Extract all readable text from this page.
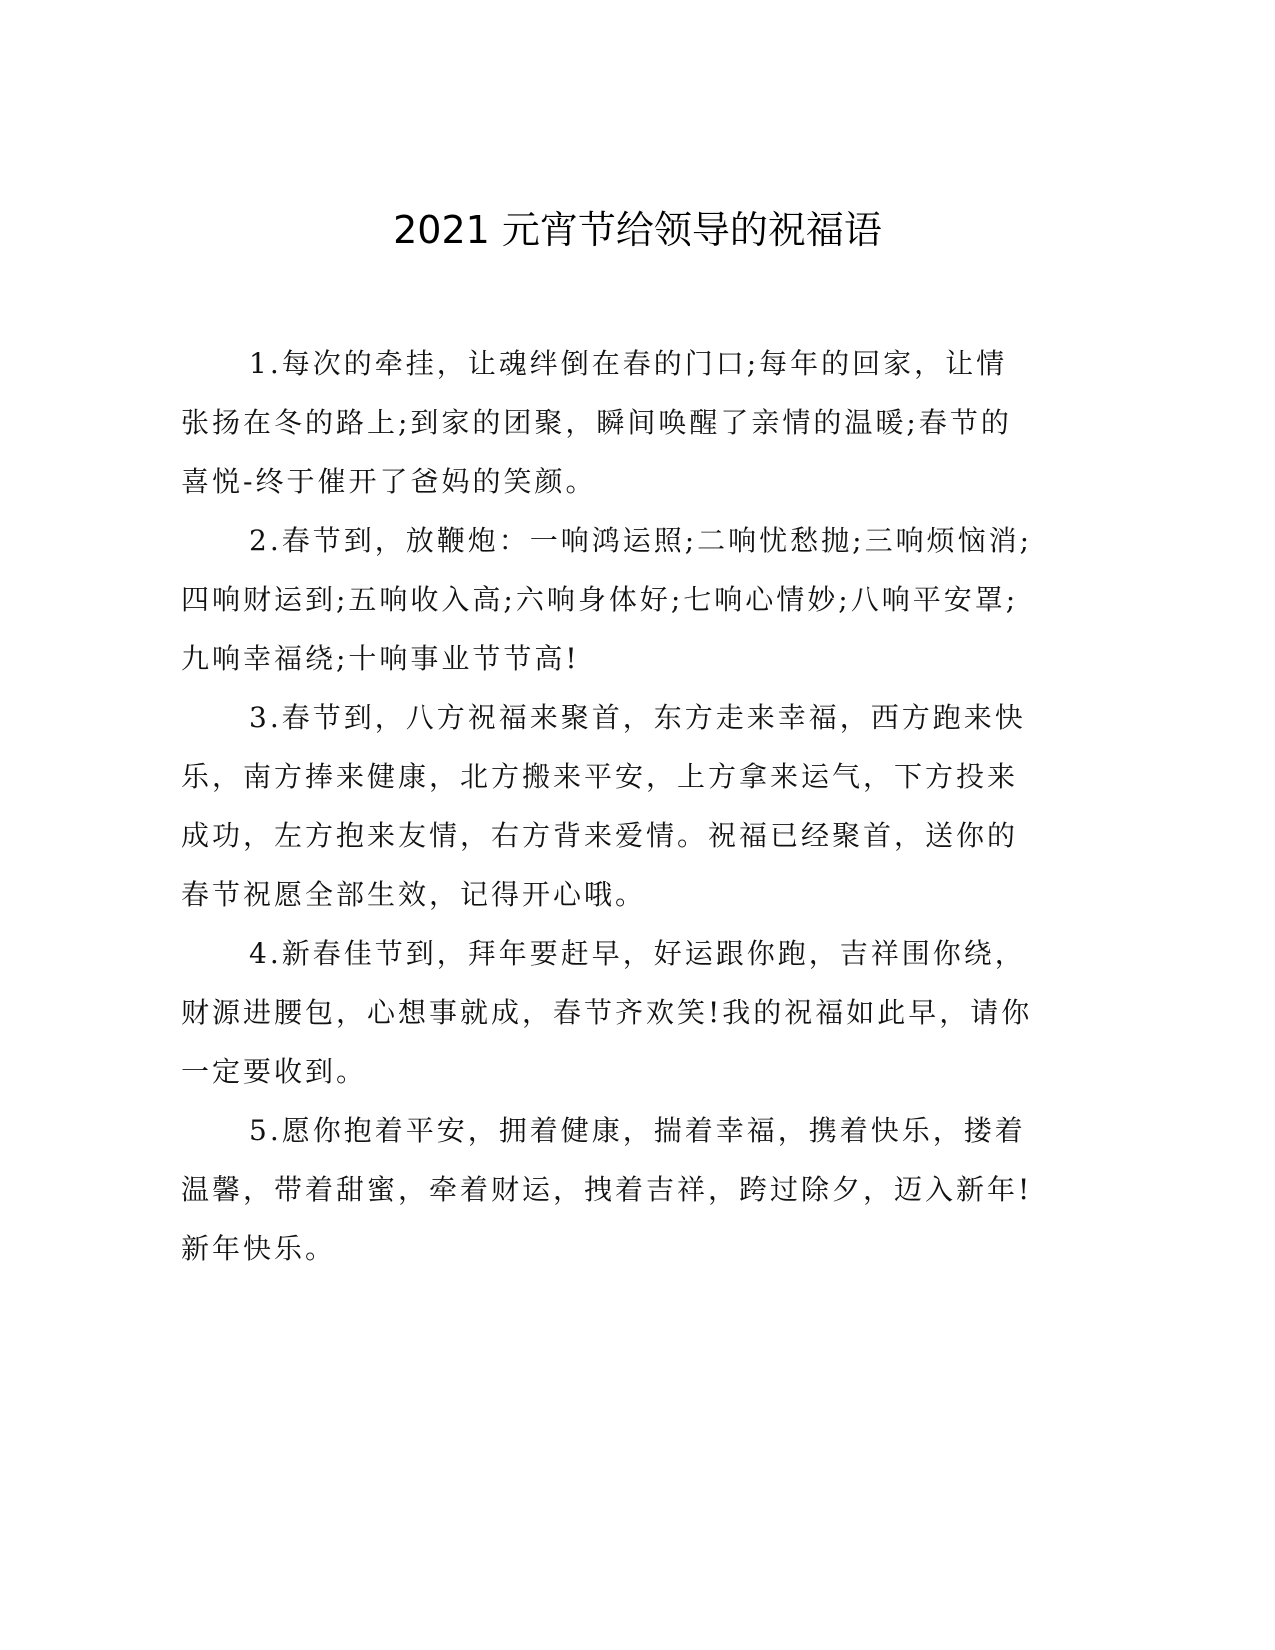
2021 元宵节给领导的祝福语

1.每次的牵挂，让魂绊倒在春的门口;每年的回家，让情张扬在冬的路上;到家的团聚，瞬间唤醒了亲情的温暖;春节的喜悦-终于催开了爸妈的笑颜。

2.春节到，放鞭炮：一响鸿运照;二响忧愁抛;三响烦恼消;四响财运到;五响收入高;六响身体好;七响心情妙;八响平安罩;九响幸福绕;十响事业节节高!

3.春节到，八方祝福来聚首，东方走来幸福，西方跑来快乐，南方捧来健康，北方搬来平安，上方拿来运气，下方投来成功，左方抱来友情，右方背来爱情。祝福已经聚首，送你的春节祝愿全部生效，记得开心哦。

4.新春佳节到，拜年要赶早，好运跟你跑，吉祥围你绕，财源进腰包，心想事就成，春节齐欢笑!我的祝福如此早，请你一定要收到。

5.愿你抱着平安，拥着健康，揣着幸福，携着快乐，搂着温馨，带着甜蜜，牵着财运，拽着吉祥，跨过除夕，迈入新年!新年快乐。
